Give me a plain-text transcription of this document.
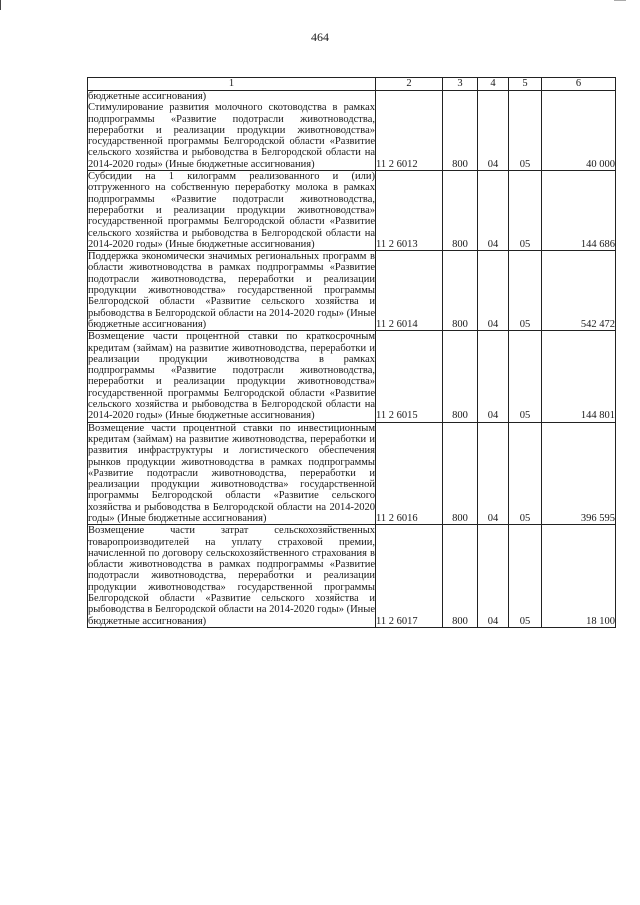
464
1	2	3	4	5	6

бюджетные ассигнования)
Стимулирование развития молочного скотоводства в рамках подпрограммы «Развитие подотрасли животноводства, переработки и реализации продукции животноводства» государственной программы Белгородской области «Развитие сельского хозяйства и рыбоводства в Белгородской области на 2014-2020 годы» (Иные бюджетные ассигнования)	11 2 6012	800	04	05	40 000

Субсидии на 1 килограмм реализованного и (или) отгруженного на собственную переработку молока в рамках подпрограммы «Развитие подотрасли животноводства, переработки и реализации продукции животноводства» государственной программы Белгородской области «Развитие сельского хозяйства и рыбоводства в Белгородской области на 2014-2020 годы» (Иные бюджетные ассигнования)	11 2 6013	800	04	05	144 686

Поддержка экономически значимых региональных программ в области животноводства в рамках подпрограммы «Развитие подотрасли животноводства, переработки и реализации продукции животноводства» государственной программы Белгородской области «Развитие сельского хозяйства и рыбоводства в Белгородской области на 2014-2020 годы» (Иные бюджетные ассигнования)	11 2 6014	800	04	05	542 472

Возмещение части процентной ставки по краткосрочным кредитам (займам) на развитие животноводства, переработки и реализации продукции животноводства в рамках подпрограммы «Развитие подотрасли животноводства, переработки и реализации продукции животноводства» государственной программы Белгородской области «Развитие сельского хозяйства и рыбоводства в Белгородской области на 2014-2020 годы» (Иные бюджетные ассигнования)	11 2 6015	800	04	05	144 801

Возмещение части процентной ставки по инвестиционным кредитам (займам) на развитие животноводства, переработки и развития инфраструктуры и логистического обеспечения рынков продукции животноводства в рамках подпрограммы «Развитие подотрасли животноводства, переработки и реализации продукции животноводства» государственной программы Белгородской области «Развитие сельского хозяйства и рыбоводства в Белгородской области на 2014-2020 годы» (Иные бюджетные ассигнования)	11 2 6016	800	04	05	396 595

Возмещение части затрат сельскохозяйственных товаропроизводителей на уплату страховой премии, начисленной по договору сельскохозяйственного страхования в области животноводства в рамках подпрограммы «Развитие подотрасли животноводства, переработки и реализации продукции животноводства» государственной программы Белгородской области «Развитие сельского хозяйства и рыбоводства в Белгородской области на 2014-2020 годы» (Иные бюджетные ассигнования)	11 2 6017	800	04	05	18 100
